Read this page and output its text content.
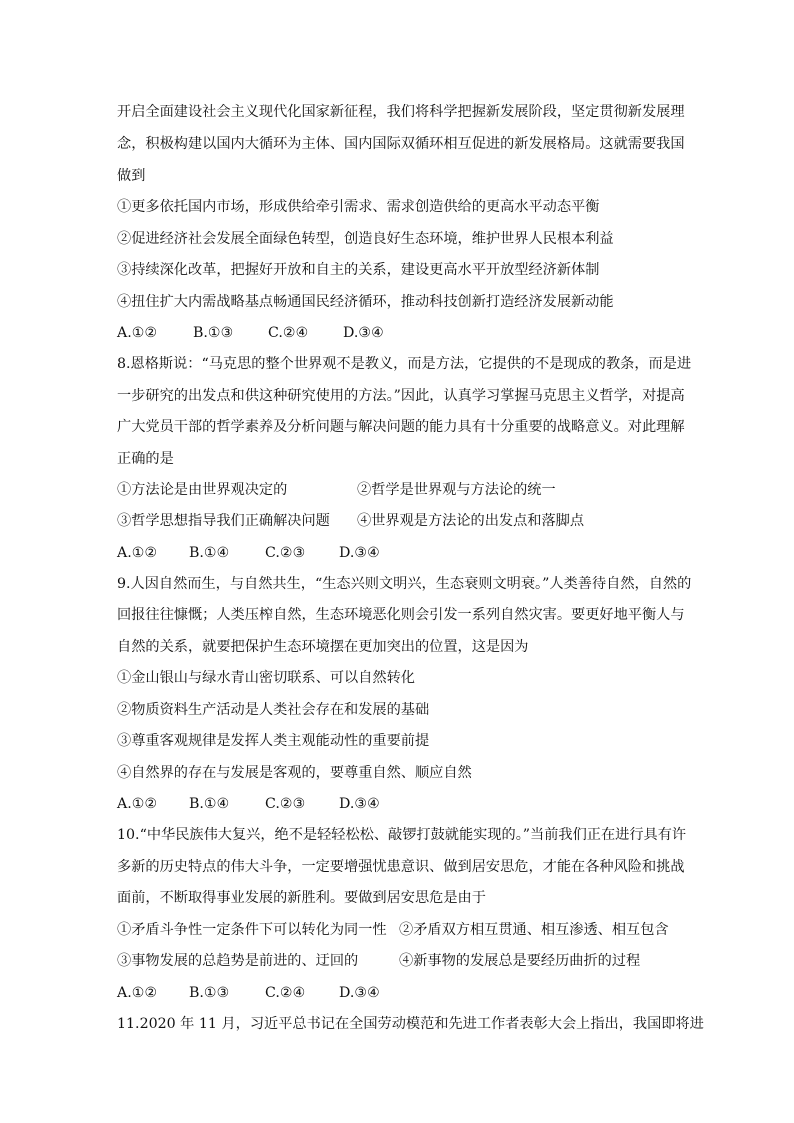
开启全面建设社会主义现代化国家新征程，我们将科学把握新发展阶段，坚定贯彻新发展理
念，积极构建以国内大循环为主体、国内国际双循环相互促进的新发展格局。这就需要我国
做到
①更多依托国内市场，形成供给牵引需求、需求创造供给的更高水平动态平衡
②促进经济社会发展全面绿色转型，创造良好生态环境，维护世界人民根本利益
③持续深化改革，把握好开放和自主的关系，建设更高水平开放型经济新体制
④扭住扩大内需战略基点畅通国民经济循环，推动科技创新打造经济发展新动能
A.①②	B.①③ C.②④ D.③④
8.恩格斯说：“马克思的整个世界观不是教义，而是方法，它提供的不是现成的教条，而是进
一步研究的出发点和供这种研究使用的方法。”因此，认真学习掌握马克思主义哲学，对提高
广大党员干部的哲学素养及分析问题与解决问题的能力具有十分重要的战略意义。对此理解
正确的是
①方法论是由世界观决定的	②哲学是世界观与方法论的统一
③哲学思想指导我们正确解决问题 ④世界观是方法论的出发点和落脚点
A.①② B.①④	C.②③ D.③④
9.人因自然而生，与自然共生，“生态兴则文明兴，生态衰则文明衰。”人类善待自然，自然的
回报往往慷慨；人类压榨自然，生态环境恶化则会引发一系列自然灾害。要更好地平衡人与
自然的关系，就要把保护生态环境摆在更加突出的位置，这是因为
①金山银山与绿水青山密切联系、可以自然转化
②物质资料生产活动是人类社会存在和发展的基础
③尊重客观规律是发挥人类主观能动性的重要前提
④自然界的存在与发展是客观的，要尊重自然、顺应自然
A.①② B.①④	C.②③ D.③④
10.“中华民族伟大复兴，绝不是轻轻松松、敲锣打鼓就能实现的。”当前我们正在进行具有许
多新的历史特点的伟大斗争，一定要增强忧患意识、做到居安思危，才能在各种风险和挑战
面前，不断取得事业发展的新胜利。要做到居安思危是由于
①矛盾斗争性一定条件下可以转化为同一性 ②矛盾双方相互贯通、相互渗透、相互包含
③事物发展的总趋势是前进的、迂回的	④新事物的发展总是要经历曲折的过程
A.①② B.①③	C.②④ D.③④
11.2020 年 11 月，习近平总书记在全国劳动模范和先进工作者表彰大会上指出，我国即将进
